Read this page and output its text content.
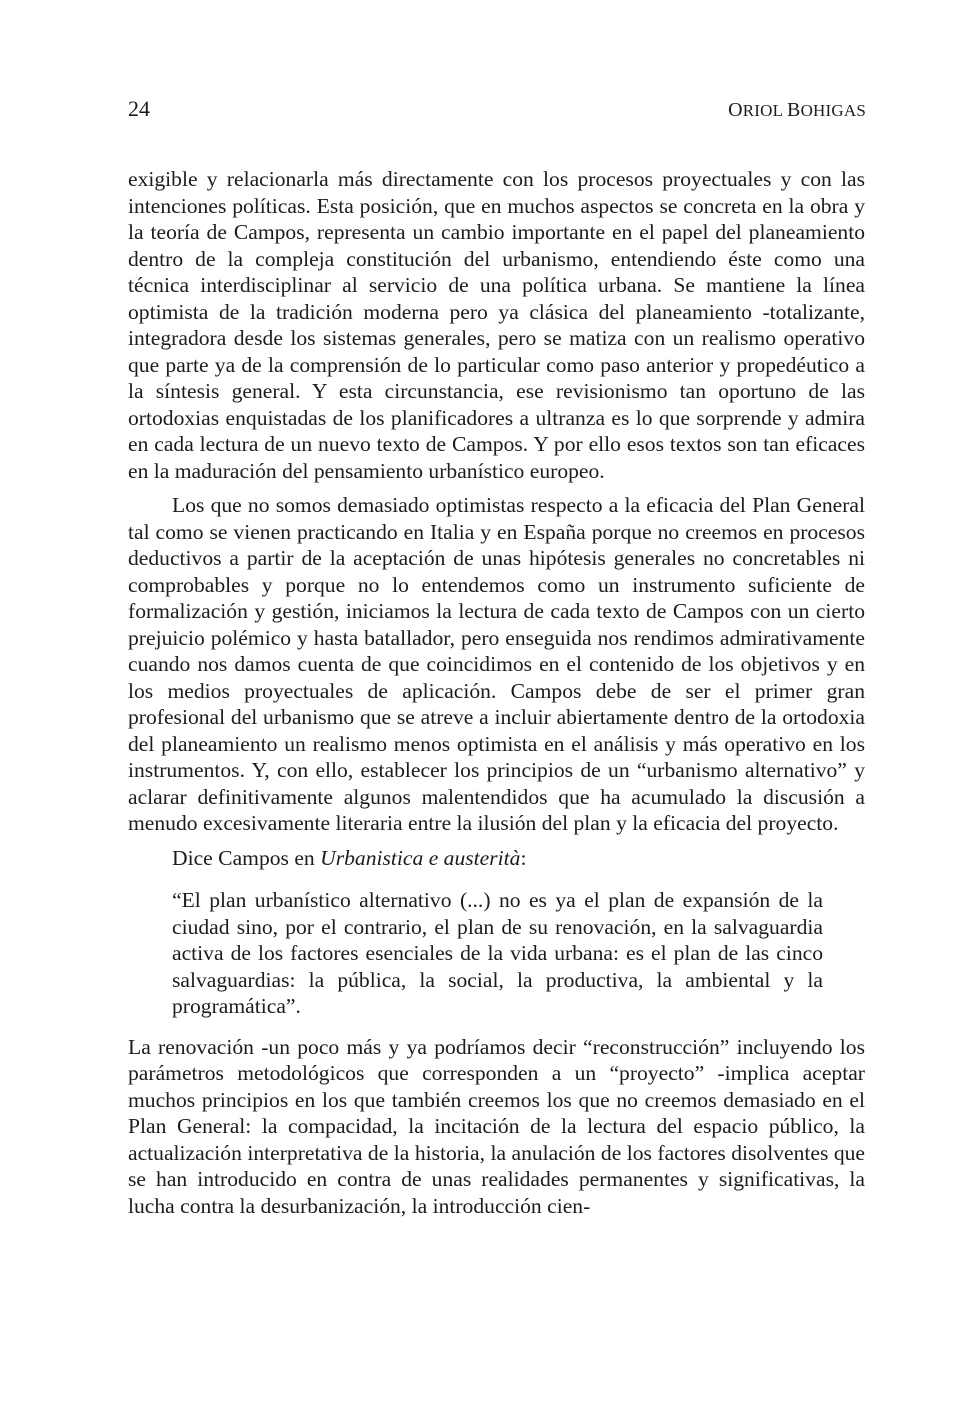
24	ORIOL BOHIGAS

exigible y relacionarla más directamente con los procesos proyectuales y con las intenciones políticas. Esta posición, que en muchos aspectos se concreta en la obra y la teoría de Campos, representa un cambio importante en el papel del planeamiento dentro de la compleja constitución del urbanismo, entendiendo éste como una técnica interdisciplinar al servicio de una política urbana. Se mantiene la línea optimista de la tradición moderna pero ya clásica del planeamiento -totalizante, integradora desde los sistemas generales, pero se matiza con un realismo operativo que parte ya de la comprensión de lo particular como paso anterior y propedéutico a la síntesis general. Y esta circunstancia, ese revisionismo tan oportuno de las ortodoxias enquistadas de los planificadores a ultranza es lo que sorprende y admira en cada lectura de un nuevo texto de Campos. Y por ello esos textos son tan eficaces en la maduración del pensamiento urbanístico europeo.

Los que no somos demasiado optimistas respecto a la eficacia del Plan General tal como se vienen practicando en Italia y en España porque no creemos en procesos deductivos a partir de la aceptación de unas hipótesis generales no concretables ni comprobables y porque no lo entendemos como un instrumento suficiente de formalización y gestión, iniciamos la lectura de cada texto de Campos con un cierto prejuicio polémico y hasta batallador, pero enseguida nos rendimos admirativamente cuando nos damos cuenta de que coincidimos en el contenido de los objetivos y en los medios proyectuales de aplicación. Campos debe de ser el primer gran profesional del urbanismo que se atreve a incluir abiertamente dentro de la ortodoxia del planeamiento un realismo menos optimista en el análisis y más operativo en los instrumentos. Y, con ello, establecer los principios de un “urbanismo alternativo” y aclarar definitivamente algunos malentendidos que ha acumulado la discusión a menudo excesivamente literaria entre la ilusión del plan y la eficacia del proyecto.

Dice Campos en Urbanistica e austerità:

“El plan urbanístico alternativo (...) no es ya el plan de expansión de la ciudad sino, por el contrario, el plan de su renovación, en la salvaguardia activa de los factores esenciales de la vida urbana: es el plan de las cinco salvaguardias: la pública, la social, la productiva, la ambiental y la programática”.

La renovación -un poco más y ya podríamos decir “reconstrucción” incluyendo los parámetros metodológicos que corresponden a un “proyecto” -implica aceptar muchos principios en los que también creemos los que no creemos demasiado en el Plan General: la compacidad, la incitación de la lectura del espacio público, la actualización interpretativa de la historia, la anulación de los factores disolventes que se han introducido en contra de unas realidades permanentes y significativas, la lucha contra la desurbanización, la introducción cien-
